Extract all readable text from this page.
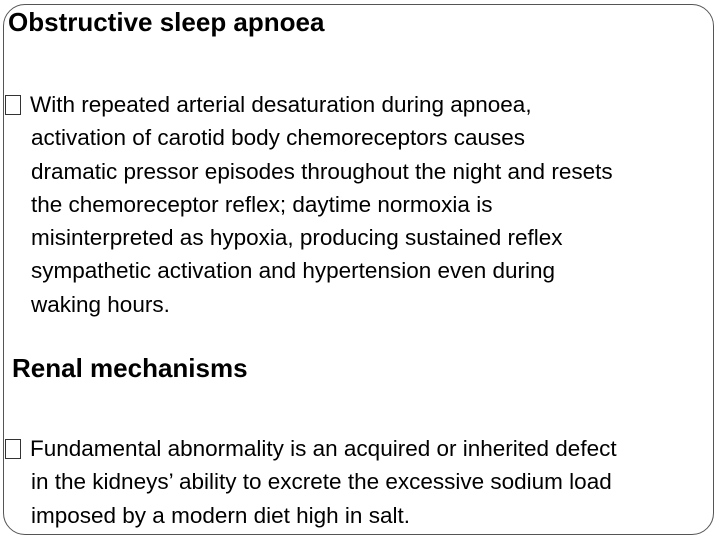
Obstructive sleep apnoea
With repeated arterial desaturation during apnoea,
activation of carotid body chemoreceptors causes
dramatic pressor episodes throughout the night and resets
the chemoreceptor reflex; daytime normoxia is
misinterpreted as hypoxia, producing sustained reflex
sympathetic activation and hypertension even during
waking hours.
Renal mechanisms
Fundamental abnormality is an acquired or inherited defect
in the kidneys’ ability to excrete the excessive sodium load
imposed by a modern diet high in salt.
